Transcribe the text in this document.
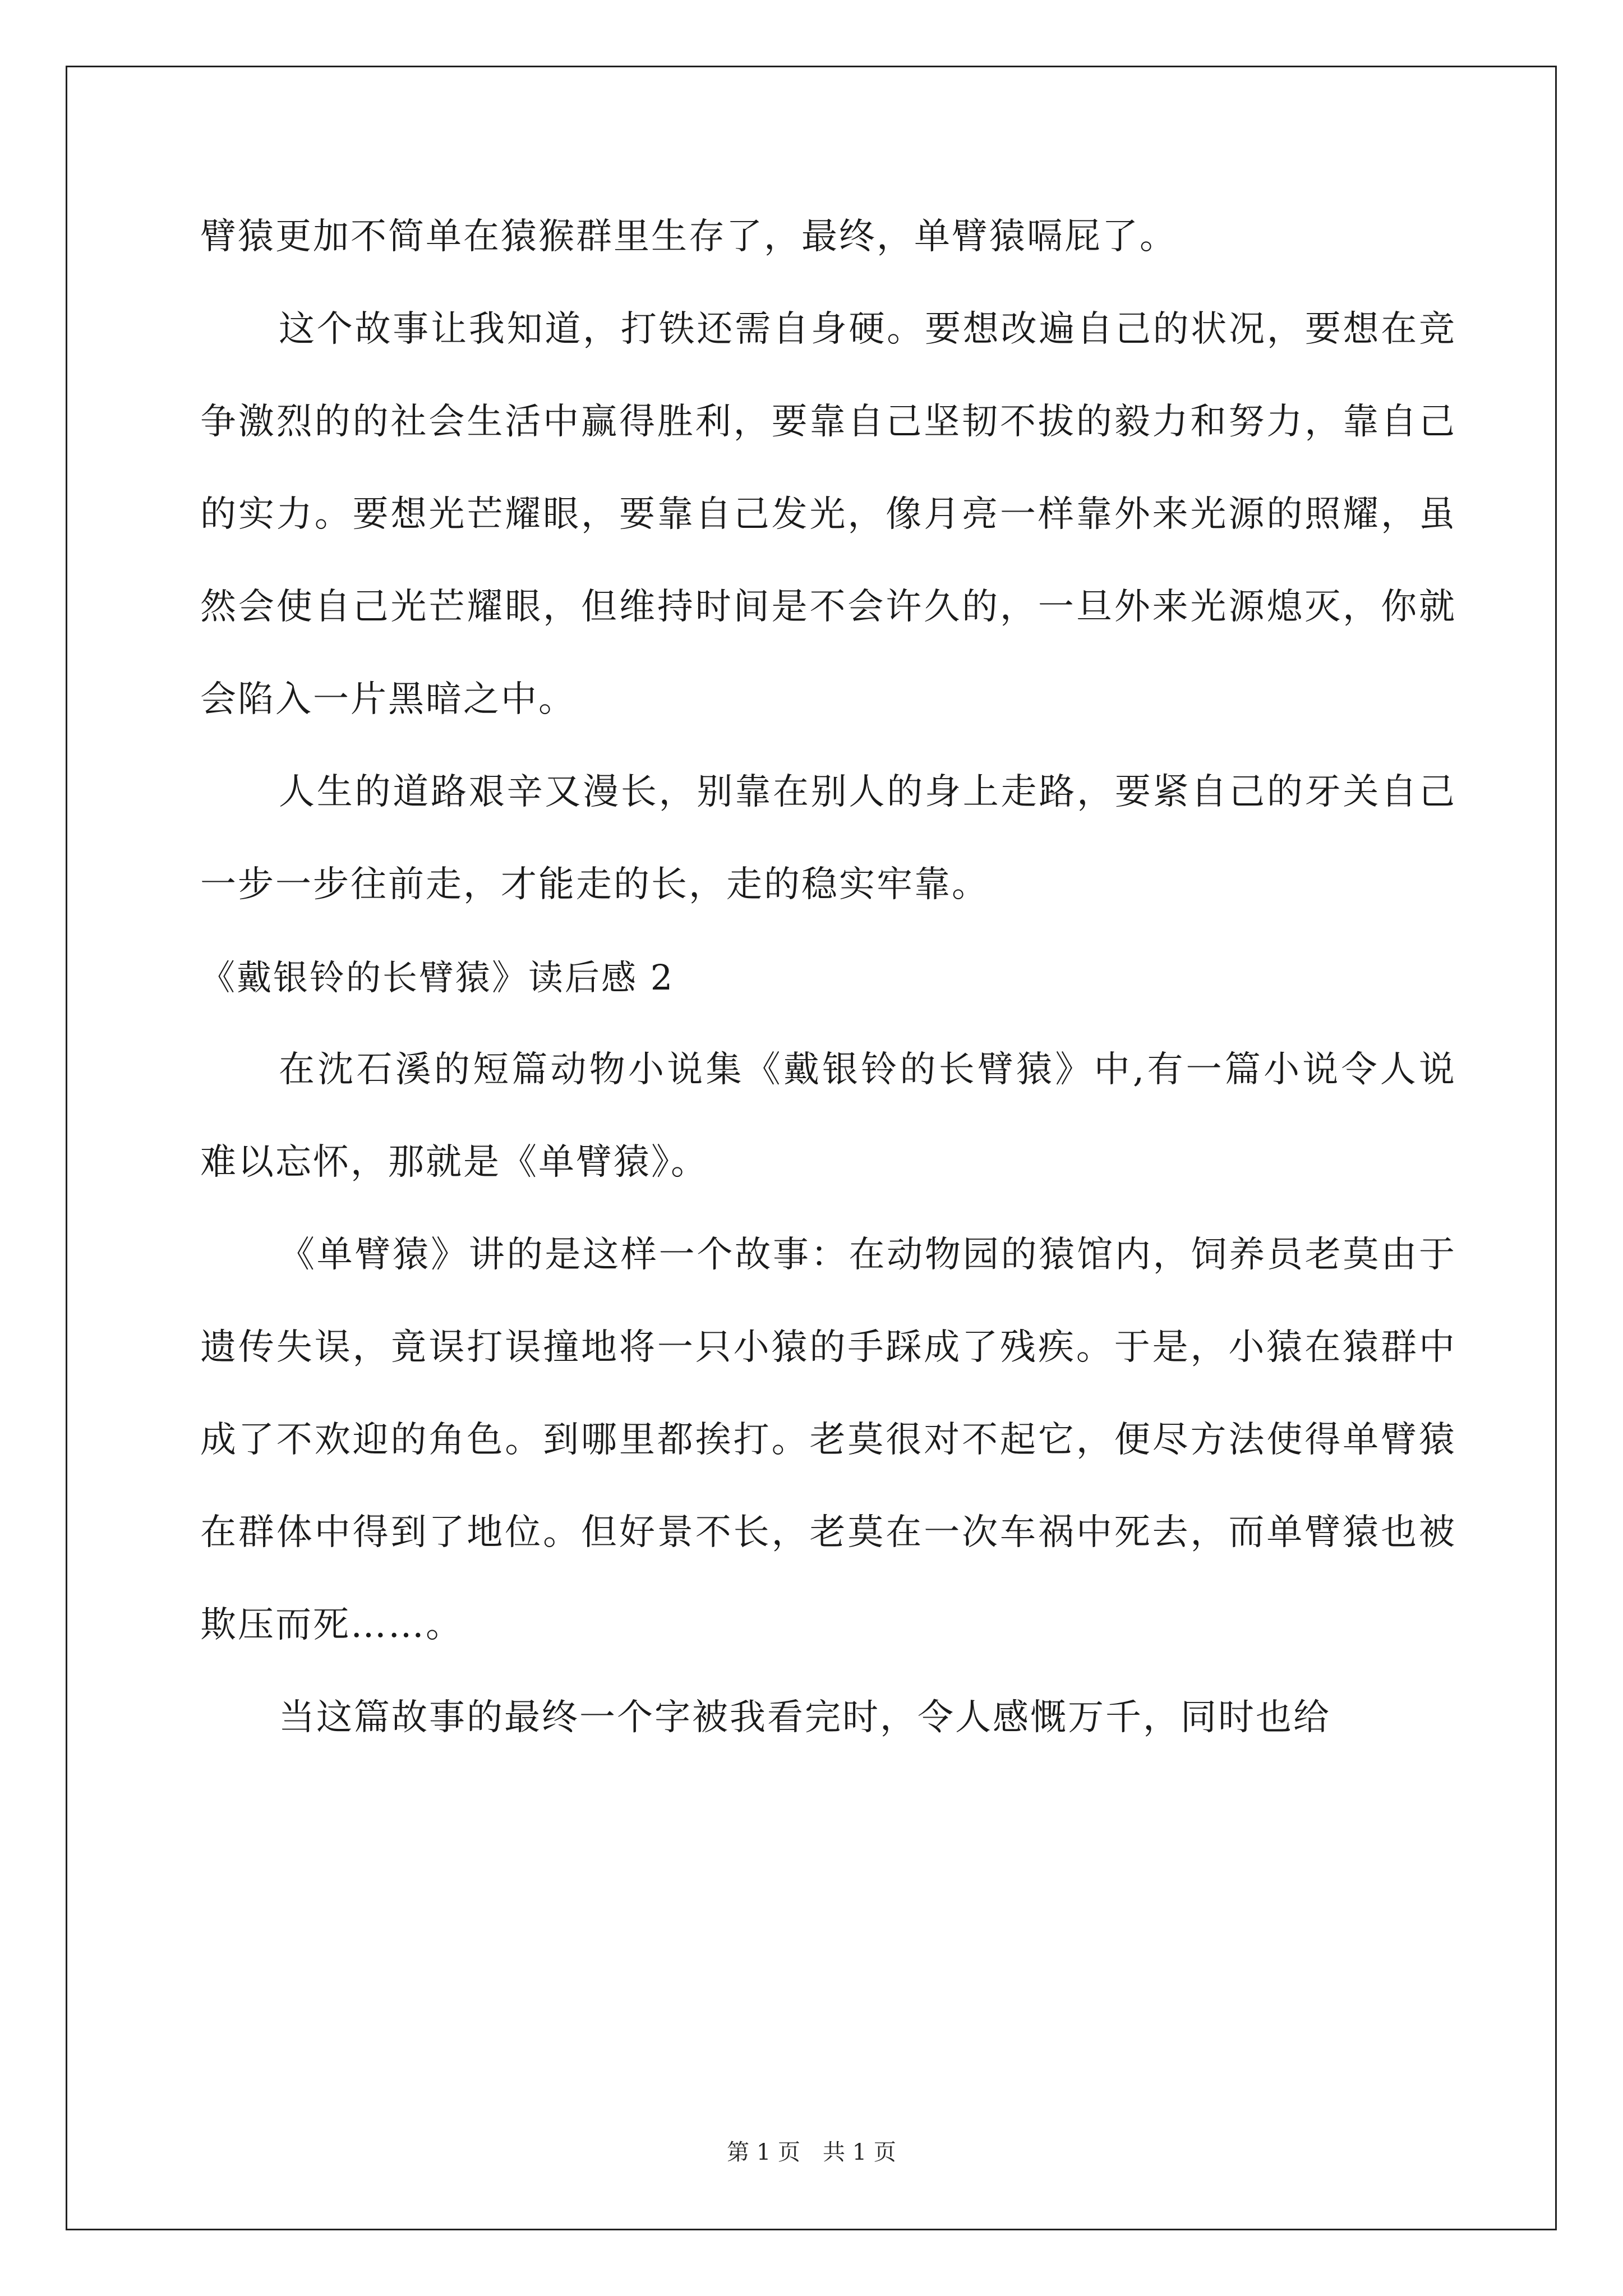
臂猿更加不简单在猿猴群里生存了，最终，单臂猿嗝屁了。

这个故事让我知道，打铁还需自身硬。要想改遍自己的状况，要想在竞争激烈的的社会生活中赢得胜利，要靠自己坚韧不拔的毅力和努力，靠自己的实力。要想光芒耀眼，要靠自己发光，像月亮一样靠外来光源的照耀，虽然会使自己光芒耀眼，但维持时间是不会许久的，一旦外来光源熄灭，你就会陷入一片黑暗之中。

人生的道路艰辛又漫长，别靠在别人的身上走路，要紧自己的牙关自己一步一步往前走，才能走的长，走的稳实牢靠。

《戴银铃的长臂猿》读后感 2

在沈石溪的短篇动物小说集《戴银铃的长臂猿》中,有一篇小说令人说难以忘怀，那就是《单臂猿》。

《单臂猿》讲的是这样一个故事：在动物园的猿馆内，饲养员老莫由于遗传失误，竟误打误撞地将一只小猿的手踩成了残疾。于是，小猿在猿群中成了不欢迎的角色。到哪里都挨打。老莫很对不起它，便尽方法使得单臂猿在群体中得到了地位。但好景不长，老莫在一次车祸中死去，而单臂猿也被欺压而死……。

当这篇故事的最终一个字被我看完时，令人感慨万千，同时也给

第 1 页　共 1 页
